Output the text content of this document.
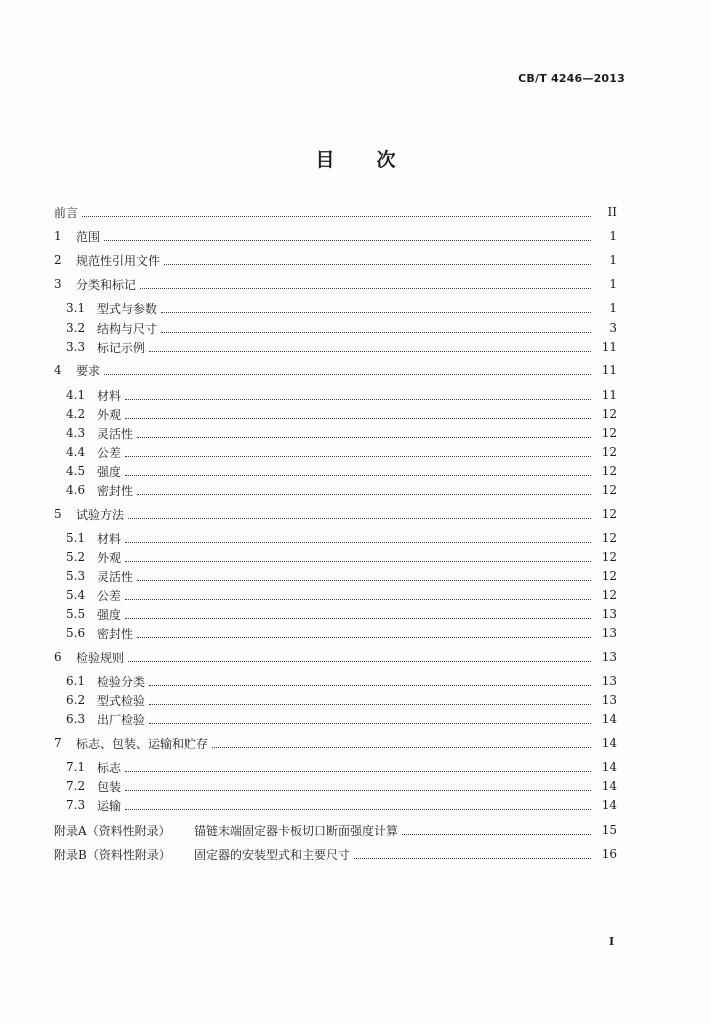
CB/T 4246—2013
目次
前言	II
1	范围	1
2	规范性引用文件	1
3	分类和标记	1
3.1 型式与参数	1
3.2 结构与尺寸	3
3.3 标记示例	11
4	要求	11
4.1 材料	11
4.2 外观	12
4.3 灵活性	12
4.4 公差	12
4.5 强度	12
4.6 密封性	12
5	试验方法	12
5.1 材料	12
5.2 外观	12
5.3 灵活性	12
5.4 公差	12
5.5 强度	13
5.6 密封性	13
6	检验规则	13
6.1 检验分类	13
6.2 型式检验	13
6.3 出厂检验	14
7	标志、包装、运输和贮存	14
7.1 标志	14
7.2 包装	14
7.3 运输	14
附录A（资料性附录）	锚链末端固定器卡板切口断面强度计算	15
附录B（资料性附录）	固定器的安装型式和主要尺寸	16
I
